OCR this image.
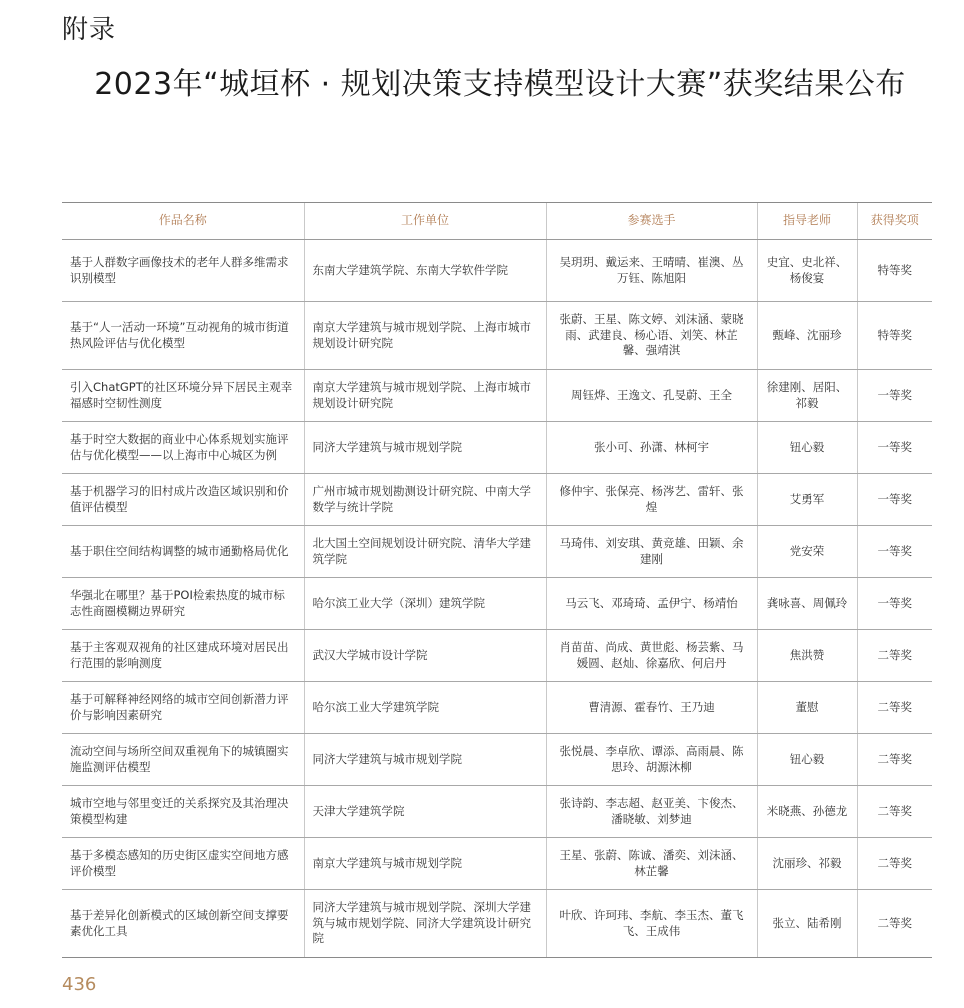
附录
2023年“城垣杯 · 规划决策支持模型设计大赛”获奖结果公布
作品名称	工作单位	参赛选手	指导老师	获得奖项
基于人群数字画像技术的老年人群多维需求识别模型	东南大学建筑学院、东南大学软件学院	吴玥玥、戴运来、王晴晴、崔澳、丛万钰、陈旭阳	史宜、史北祥、杨俊宴	特等奖
基于“人一活动一环境”互动视角的城市街道热风险评估与优化模型	南京大学建筑与城市规划学院、上海市城市规划设计研究院	张蔚、王星、陈文婷、刘沫涵、蒙晓雨、武建良、杨心语、刘笑、林芷馨、强靖淇	甄峰、沈丽珍	特等奖
引入ChatGPT的社区环境分异下居民主观幸福感时空韧性测度	南京大学建筑与城市规划学院、上海市城市规划设计研究院	周钰烨、王逸文、孔旻蔚、王全	徐建刚、居阳、祁毅	一等奖
基于时空大数据的商业中心体系规划实施评估与优化模型——以上海市中心城区为例	同济大学建筑与城市规划学院	张小可、孙潇、林柯宇	钮心毅	一等奖
基于机器学习的旧村成片改造区域识别和价值评估模型	广州市城市规划勘测设计研究院、中南大学数学与统计学院	修仲宇、张保亮、杨涔艺、雷轩、张煌	艾勇军	一等奖
基于职住空间结构调整的城市通勤格局优化	北大国土空间规划设计研究院、清华大学建筑学院	马琦伟、刘安琪、黄竞雄、田颖、余建刚	党安荣	一等奖
华强北在哪里？基于POI检索热度的城市标志性商圈模糊边界研究	哈尔滨工业大学（深圳）建筑学院	马云飞、邓琦琦、孟伊宁、杨靖怡	龚咏喜、周佩玲	一等奖
基于主客观双视角的社区建成环境对居民出行范围的影响测度	武汉大学城市设计学院	肖苗苗、尚成、黄世彪、杨芸紫、马媛圆、赵灿、徐嘉欣、何启丹	焦洪赞	二等奖
基于可解释神经网络的城市空间创新潜力评价与影响因素研究	哈尔滨工业大学建筑学院	曹清源、霍春竹、王乃迪	董慰	二等奖
流动空间与场所空间双重视角下的城镇圈实施监测评估模型	同济大学建筑与城市规划学院	张悦晨、李卓欣、谭添、高雨晨、陈思玲、胡源沐柳	钮心毅	二等奖
城市空地与邻里变迁的关系探究及其治理决策模型构建	天津大学建筑学院	张诗韵、李志超、赵亚美、卞俊杰、潘晓敏、刘梦迪	米晓燕、孙德龙	二等奖
基于多模态感知的历史街区虚实空间地方感评价模型	南京大学建筑与城市规划学院	王星、张蔚、陈诚、潘奕、刘沫涵、林芷馨	沈丽珍、祁毅	二等奖
基于差异化创新模式的区域创新空间支撑要素优化工具	同济大学建筑与城市规划学院、深圳大学建筑与城市规划学院、同济大学建筑设计研究院	叶欣、许珂玮、李航、李玉杰、董飞飞、王成伟	张立、陆希刚	二等奖
436
